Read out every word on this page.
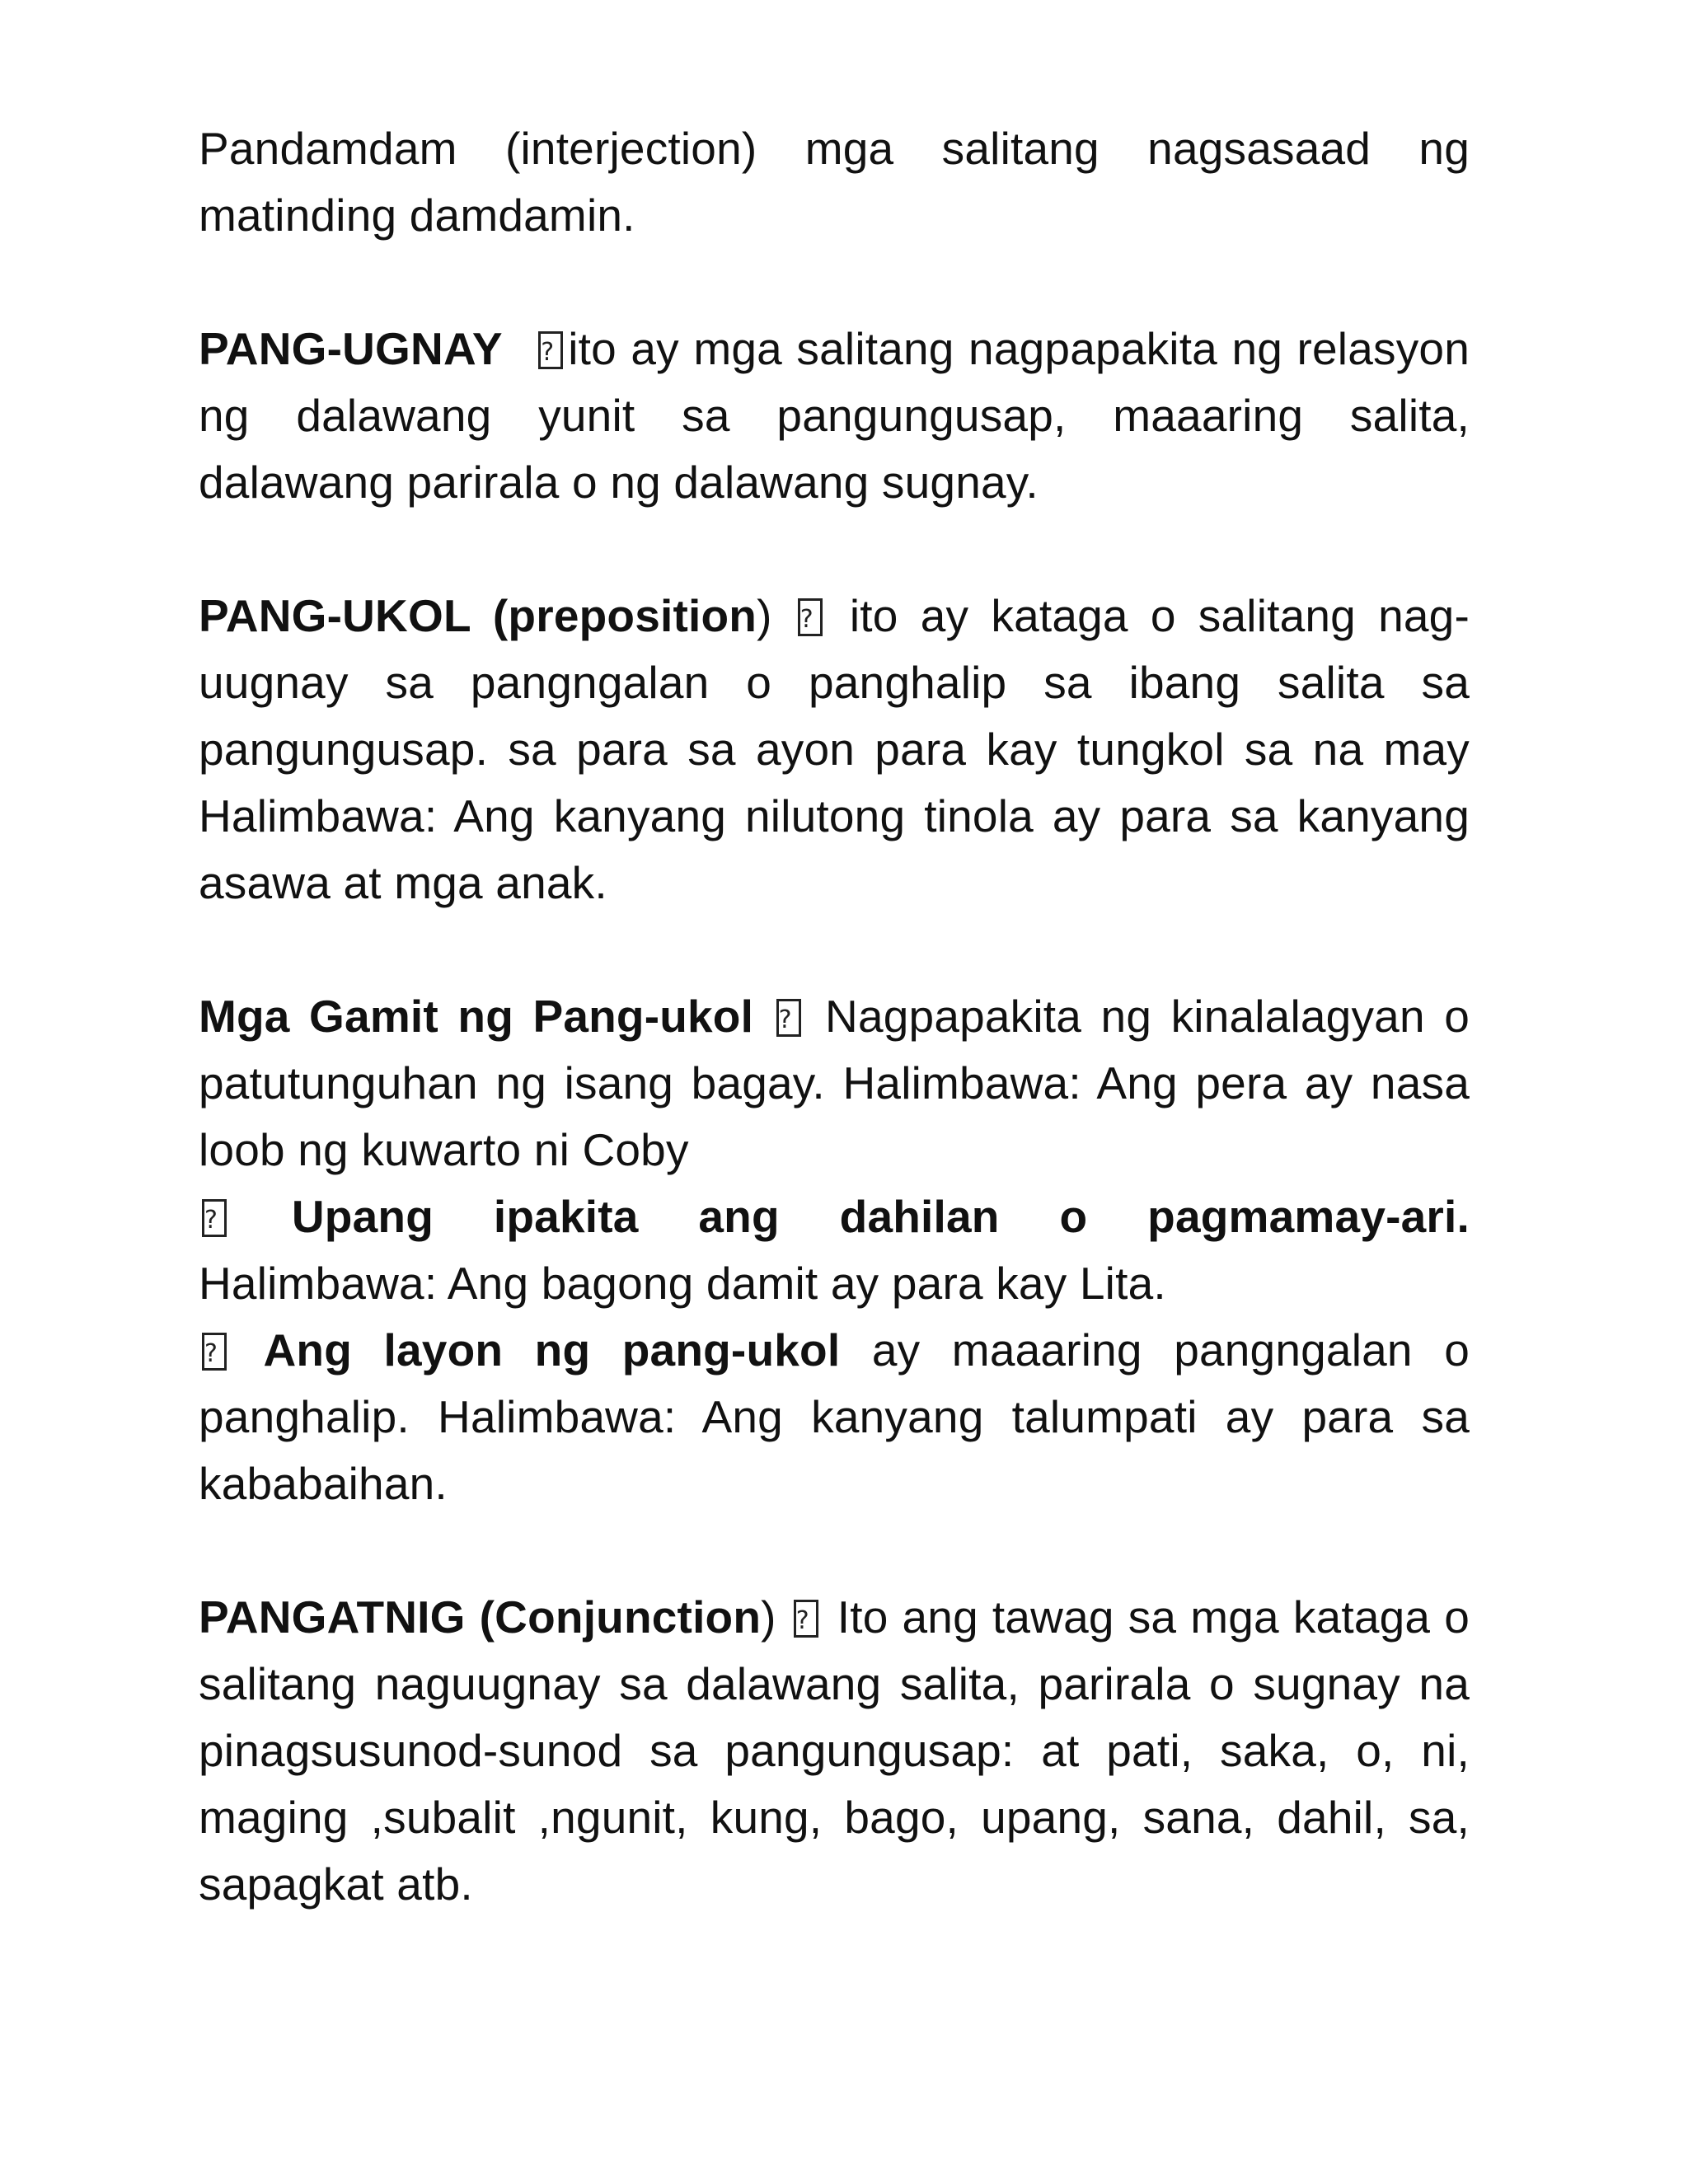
Pandamdam (interjection) mga salitang nagsasaad ng matinding damdamin.

PANG-UGNAY ? ito ay mga salitang nagpapakita ng relasyon ng dalawang yunit sa pangungusap, maaaring salita, dalawang parirala o ng dalawang sugnay.

PANG-UKOL (preposition) ? ito ay kataga o salitang nag-uugnay sa pangngalan o panghalip sa ibang salita sa pangungusap. sa para sa ayon para kay tungkol sa na may Halimbawa: Ang kanyang nilutong tinola ay para sa kanyang asawa at mga anak.

Mga Gamit ng Pang-ukol ? Nagpapakita ng kinalalagyan o patutunguhan ng isang bagay. Halimbawa: Ang pera ay nasa loob ng kuwarto ni Coby

? Upang ipakita ang dahilan o pagmamay-ari.
Halimbawa: Ang bagong damit ay para kay Lita.

? Ang layon ng pang-ukol ay maaaring pangngalan o panghalip. Halimbawa: Ang kanyang talumpati ay para sa kababaihan.

PANGATNIG (Conjunction) ? Ito ang tawag sa mga kataga o salitang naguugnay sa dalawang salita, parirala o sugnay na pinagsusunod-sunod sa pangungusap: at pati, saka, o, ni, maging ,subalit ,ngunit, kung, bago, upang, sana, dahil, sa, sapagkat atb.
